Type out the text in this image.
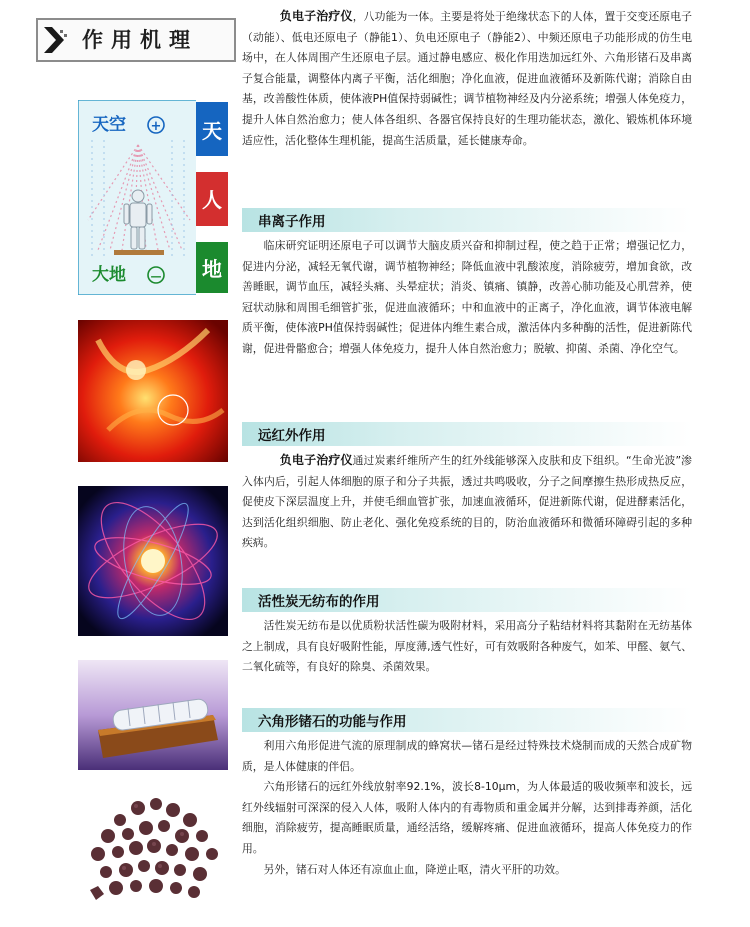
作用机理
天
人
地
天空 +
大地 —

负电子治疗仪，八功能为一体。主要是将处于绝缘状态下的人体，置于交变还原电子（动能）、低电还原电子（静能1）、负电还原电子（静能2）、中频还原电子功能形成的仿生电场中，在人体周围产生还原电子层。通过静电感应、极化作用迭加远红外、六角形锗石及串离子复合能量，调整体内离子平衡，活化细胞；净化血液，促进血液循环及新陈代谢；消除自由基，改善酸性体质，使体液PH值保持弱碱性；调节植物神经及内分泌系统；增强人体免疫力，提升人体自然治愈力；使人体各组织、各器官保持良好的生理功能状态，激化、锻炼机体环境适应性，活化整体生理机能，提高生活质量，延长健康寿命。

串离子作用

临床研究证明还原电子可以调节大脑皮质兴奋和抑制过程，使之趋于正常；增强记忆力，促进内分泌，减轻无氧代谢，调节植物神经；降低血液中乳酸浓度，消除疲劳，增加食欲，改善睡眠，调节血压，减轻头痛、头晕症状；消炎、镇痛、镇静，改善心肺功能及心肌营养，使冠状动脉和周围毛细管扩张，促进血液循环；中和血液中的正离子，净化血液，调节体液电解质平衡，使体液PH值保持弱碱性；促进体内维生素合成，激活体内多种酶的活性，促进新陈代谢，促进骨骼愈合；增强人体免疫力，提升人体自然治愈力；脱敏、抑菌、杀菌、净化空气。

远红外作用

负电子治疗仪通过炭素纤维所产生的红外线能够深入皮肤和皮下组织。“生命光波”渗入体内后，引起人体细胞的原子和分子共振，透过共鸣吸收，分子之间摩擦生热形成热反应，促使皮下深层温度上升，并使毛细血管扩张，加速血液循环，促进新陈代谢，促进酵素活化，达到活化组织细胞、防止老化、强化免疫系统的目的，防治血液循环和微循环障碍引起的多种疾病。

活性炭无纺布的作用

活性炭无纺布是以优质粉状活性碳为吸附材料，采用高分子粘结材料将其黏附在无纺基体之上制成，具有良好吸附性能，厚度薄,透气性好，可有效吸附各种废气，如苯、甲醛、氨气、二氧化硫等，有良好的除臭、杀菌效果。

六角形锗石的功能与作用

利用六角形促进气流的原理制成的蜂窝状—锗石是经过特殊技术烧制而成的天然合成矿物质，是人体健康的伴侣。

六角形锗石的远红外线放射率92.1%，波长8-10μm，为人体最适的吸收频率和波长，远红外线辐射可深深的侵入人体，吸附人体内的有毒物质和重金属并分解，达到排毒养颜，活化细胞，消除疲劳，提高睡眠质量，通经活络，缓解疼痛、促进血液循环，提高人体免疫力的作用。

另外，锗石对人体还有凉血止血，降逆止呕，清火平肝的功效。
